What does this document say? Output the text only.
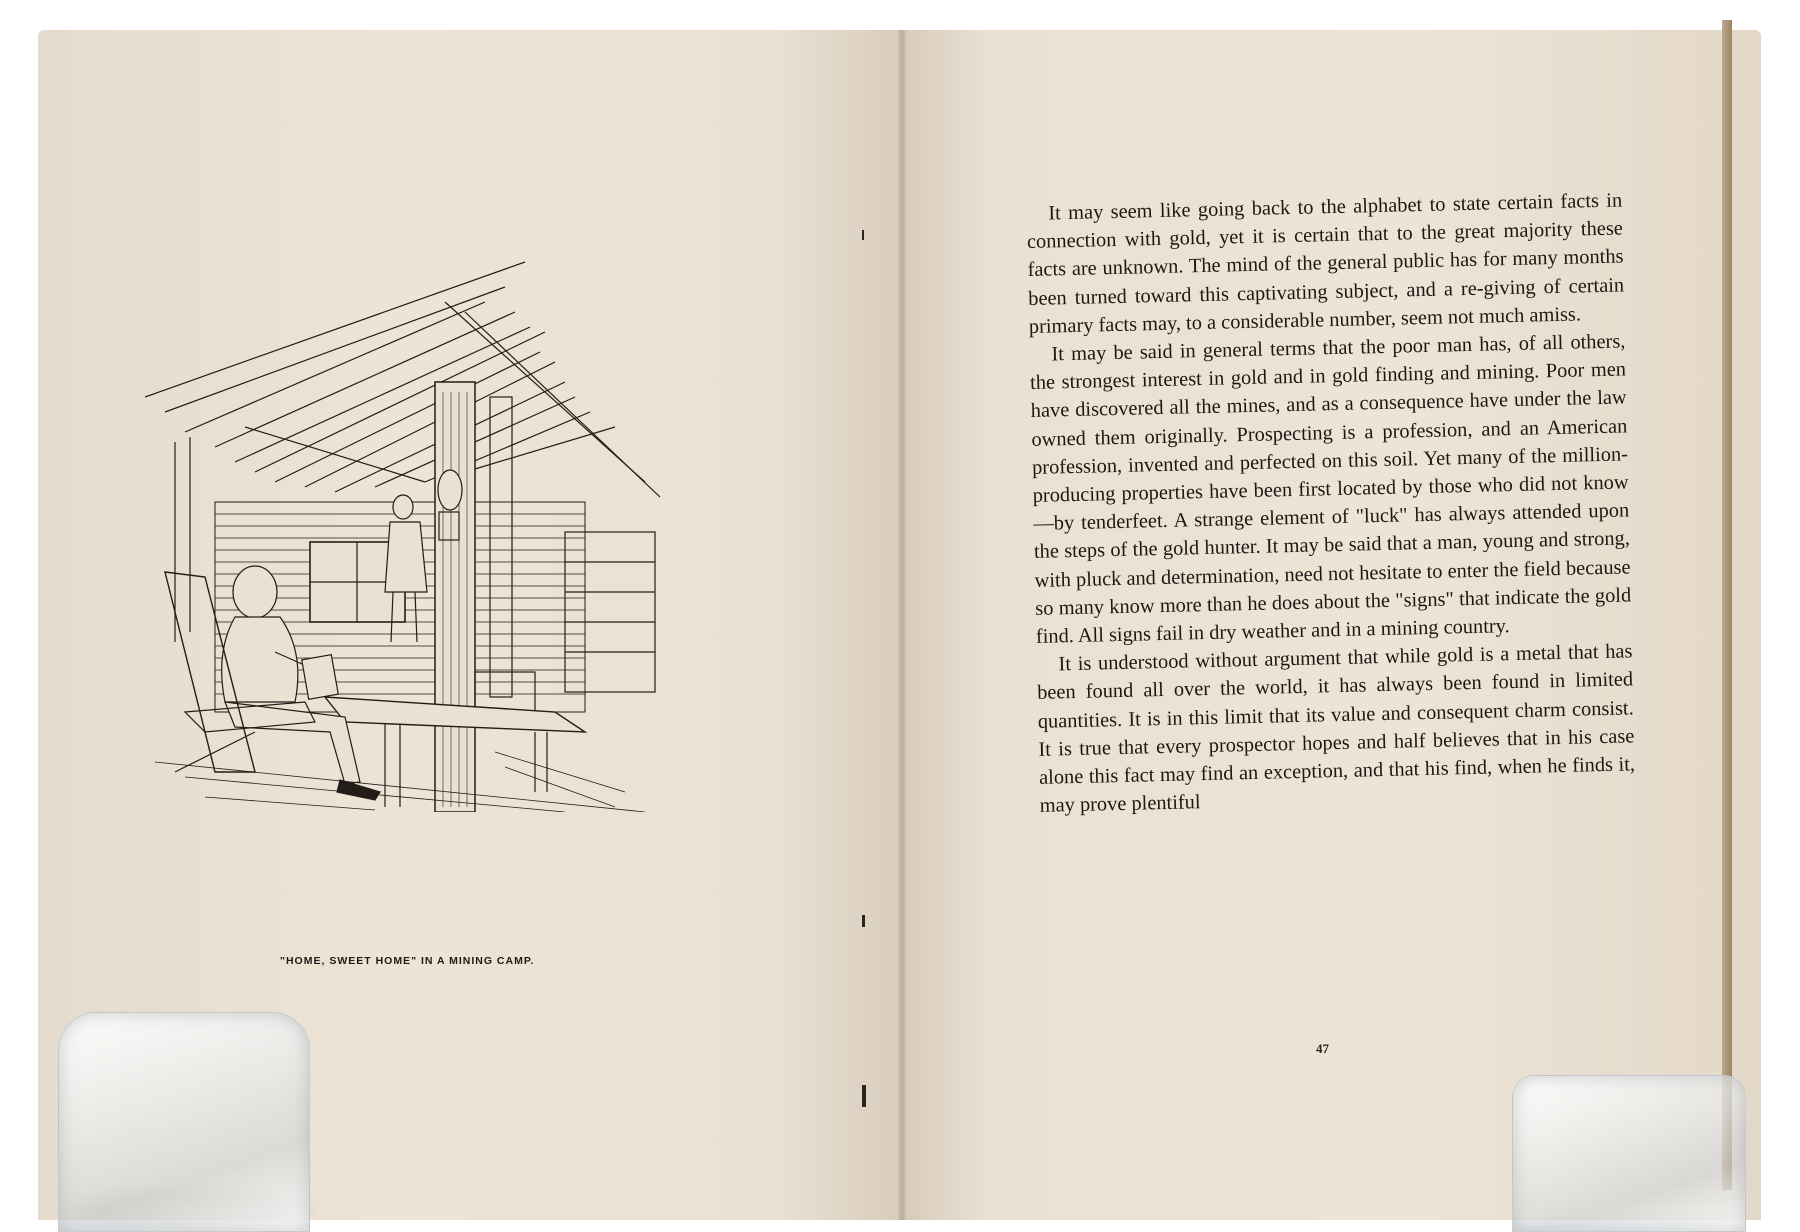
"HOME, SWEET HOME" IN A MINING CAMP.

It may seem like going back to the alphabet to state certain facts in connection with gold, yet it is certain that to the great majority these facts are unknown. The mind of the general public has for many months been turned toward this captivating subject, and a re-giving of certain primary facts may, to a considerable number, seem not much amiss.

It may be said in general terms that the poor man has, of all others, the strongest interest in gold and in gold finding and mining. Poor men have discovered all the mines, and as a consequence have under the law owned them originally. Prospecting is a profession, and an American profession, invented and perfected on this soil. Yet many of the million-producing properties have been first located by those who did not know—by tenderfeet. A strange element of "luck" has always attended upon the steps of the gold hunter. It may be said that a man, young and strong, with pluck and determination, need not hesitate to enter the field because so many know more than he does about the "signs" that indicate the gold find. All signs fail in dry weather and in a mining country.

It is understood without argument that while gold is a metal that has been found all over the world, it has always been found in limited quantities. It is in this limit that its value and consequent charm consist. It is true that every prospector hopes and half believes that in his case alone this fact may find an exception, and that his find, when he finds it, may prove plentiful

47
